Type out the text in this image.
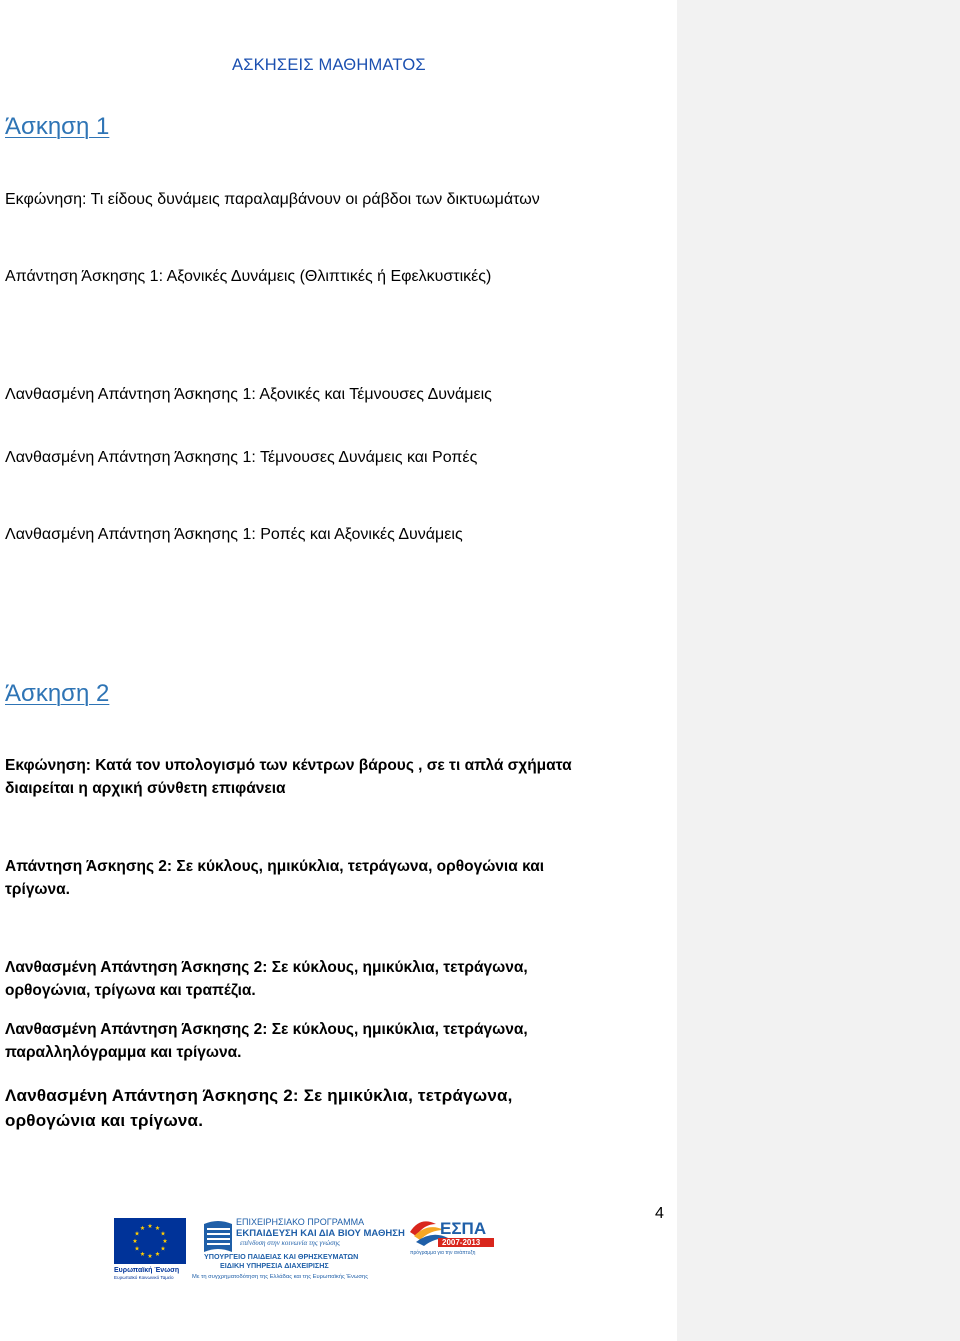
ΑΣΚΗΣΕΙΣ ΜΑΘΗΜΑΤΟΣ
Άσκηση 1
Εκφώνηση: Τι είδους δυνάμεις παραλαμβάνουν οι ράβδοι των δικτυωμάτων
Απάντηση Άσκησης 1: Αξονικές Δυνάμεις (Θλιπτικές ή Εφελκυστικές)
Λανθασμένη Απάντηση Άσκησης 1: Αξονικές και Τέμνουσες Δυνάμεις
Λανθασμένη Απάντηση Άσκησης 1: Τέμνουσες Δυνάμεις και Ροπές
Λανθασμένη Απάντηση Άσκησης 1: Ροπές και Αξονικές Δυνάμεις
Άσκηση 2
Εκφώνηση: Κατά τον υπολογισμό των κέντρων βάρους , σε τι απλά σχήματα
διαιρείται η αρχική σύνθετη επιφάνεια
Απάντηση Άσκησης 2: Σε κύκλους, ημικύκλια, τετράγωνα, ορθογώνια και
τρίγωνα.
Λανθασμένη Απάντηση Άσκησης 2: Σε κύκλους, ημικύκλια, τετράγωνα,
ορθογώνια, τρίγωνα και τραπέζια.
Λανθασμένη Απάντηση Άσκησης 2: Σε κύκλους, ημικύκλια, τετράγωνα,
παραλληλόγραμμα και τρίγωνα.
Λανθασμένη Απάντηση Άσκησης 2: Σε ημικύκλια, τετράγωνα,
ορθογώνια και τρίγωνα.
4
Ευρωπαϊκή Ένωση
Ευρωπαϊκό Κοινωνικό Ταμείο
ΕΠΙΧΕΙΡΗΣΙΑΚΟ ΠΡΟΓΡΑΜΜΑ
ΕΚΠΑΙΔΕΥΣΗ ΚΑΙ ΔΙΑ ΒΙΟΥ ΜΑΘΗΣΗ
επένδυση στην κοινωνία της γνώσης
ΥΠΟΥΡΓΕΙΟ ΠΑΙΔΕΙΑΣ ΚΑΙ ΘΡΗΣΚΕΥΜΑΤΩΝ
ΕΙΔΙΚΗ ΥΠΗΡΕΣΙΑ ΔΙΑΧΕΙΡΙΣΗΣ
Με τη συγχρηματοδότηση της Ελλάδας και της Ευρωπαϊκής Ένωσης
ΕΣΠΑ
2007-2013
πρόγραμμα για την ανάπτυξη
